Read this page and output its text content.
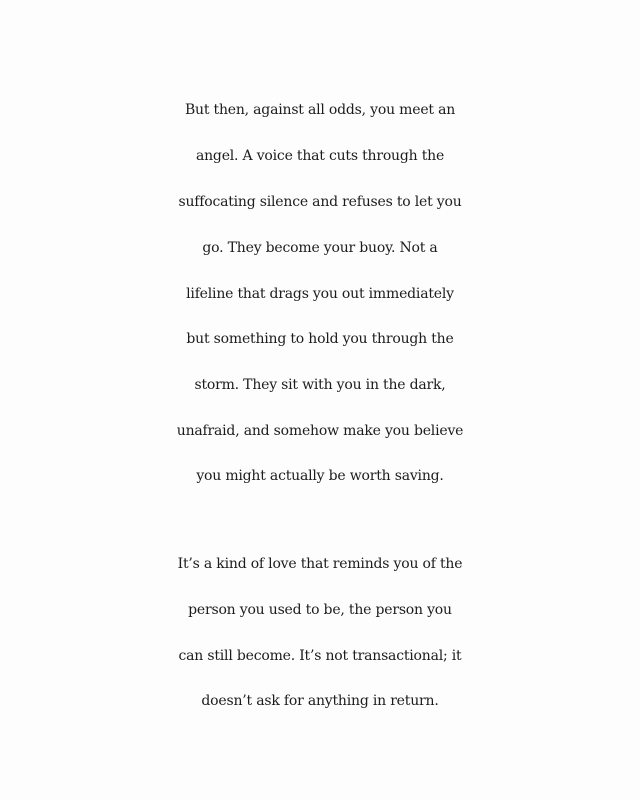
But then, against all odds, you meet an
angel. A voice that cuts through the
suffocating silence and refuses to let you
go. They become your buoy. Not a
lifeline that drags you out immediately
but something to hold you through the
storm. They sit with you in the dark,
unafraid, and somehow make you believe
you might actually be worth saving.
It’s a kind of love that reminds you of the
person you used to be, the person you
can still become. It’s not transactional; it
doesn’t ask for anything in return.
